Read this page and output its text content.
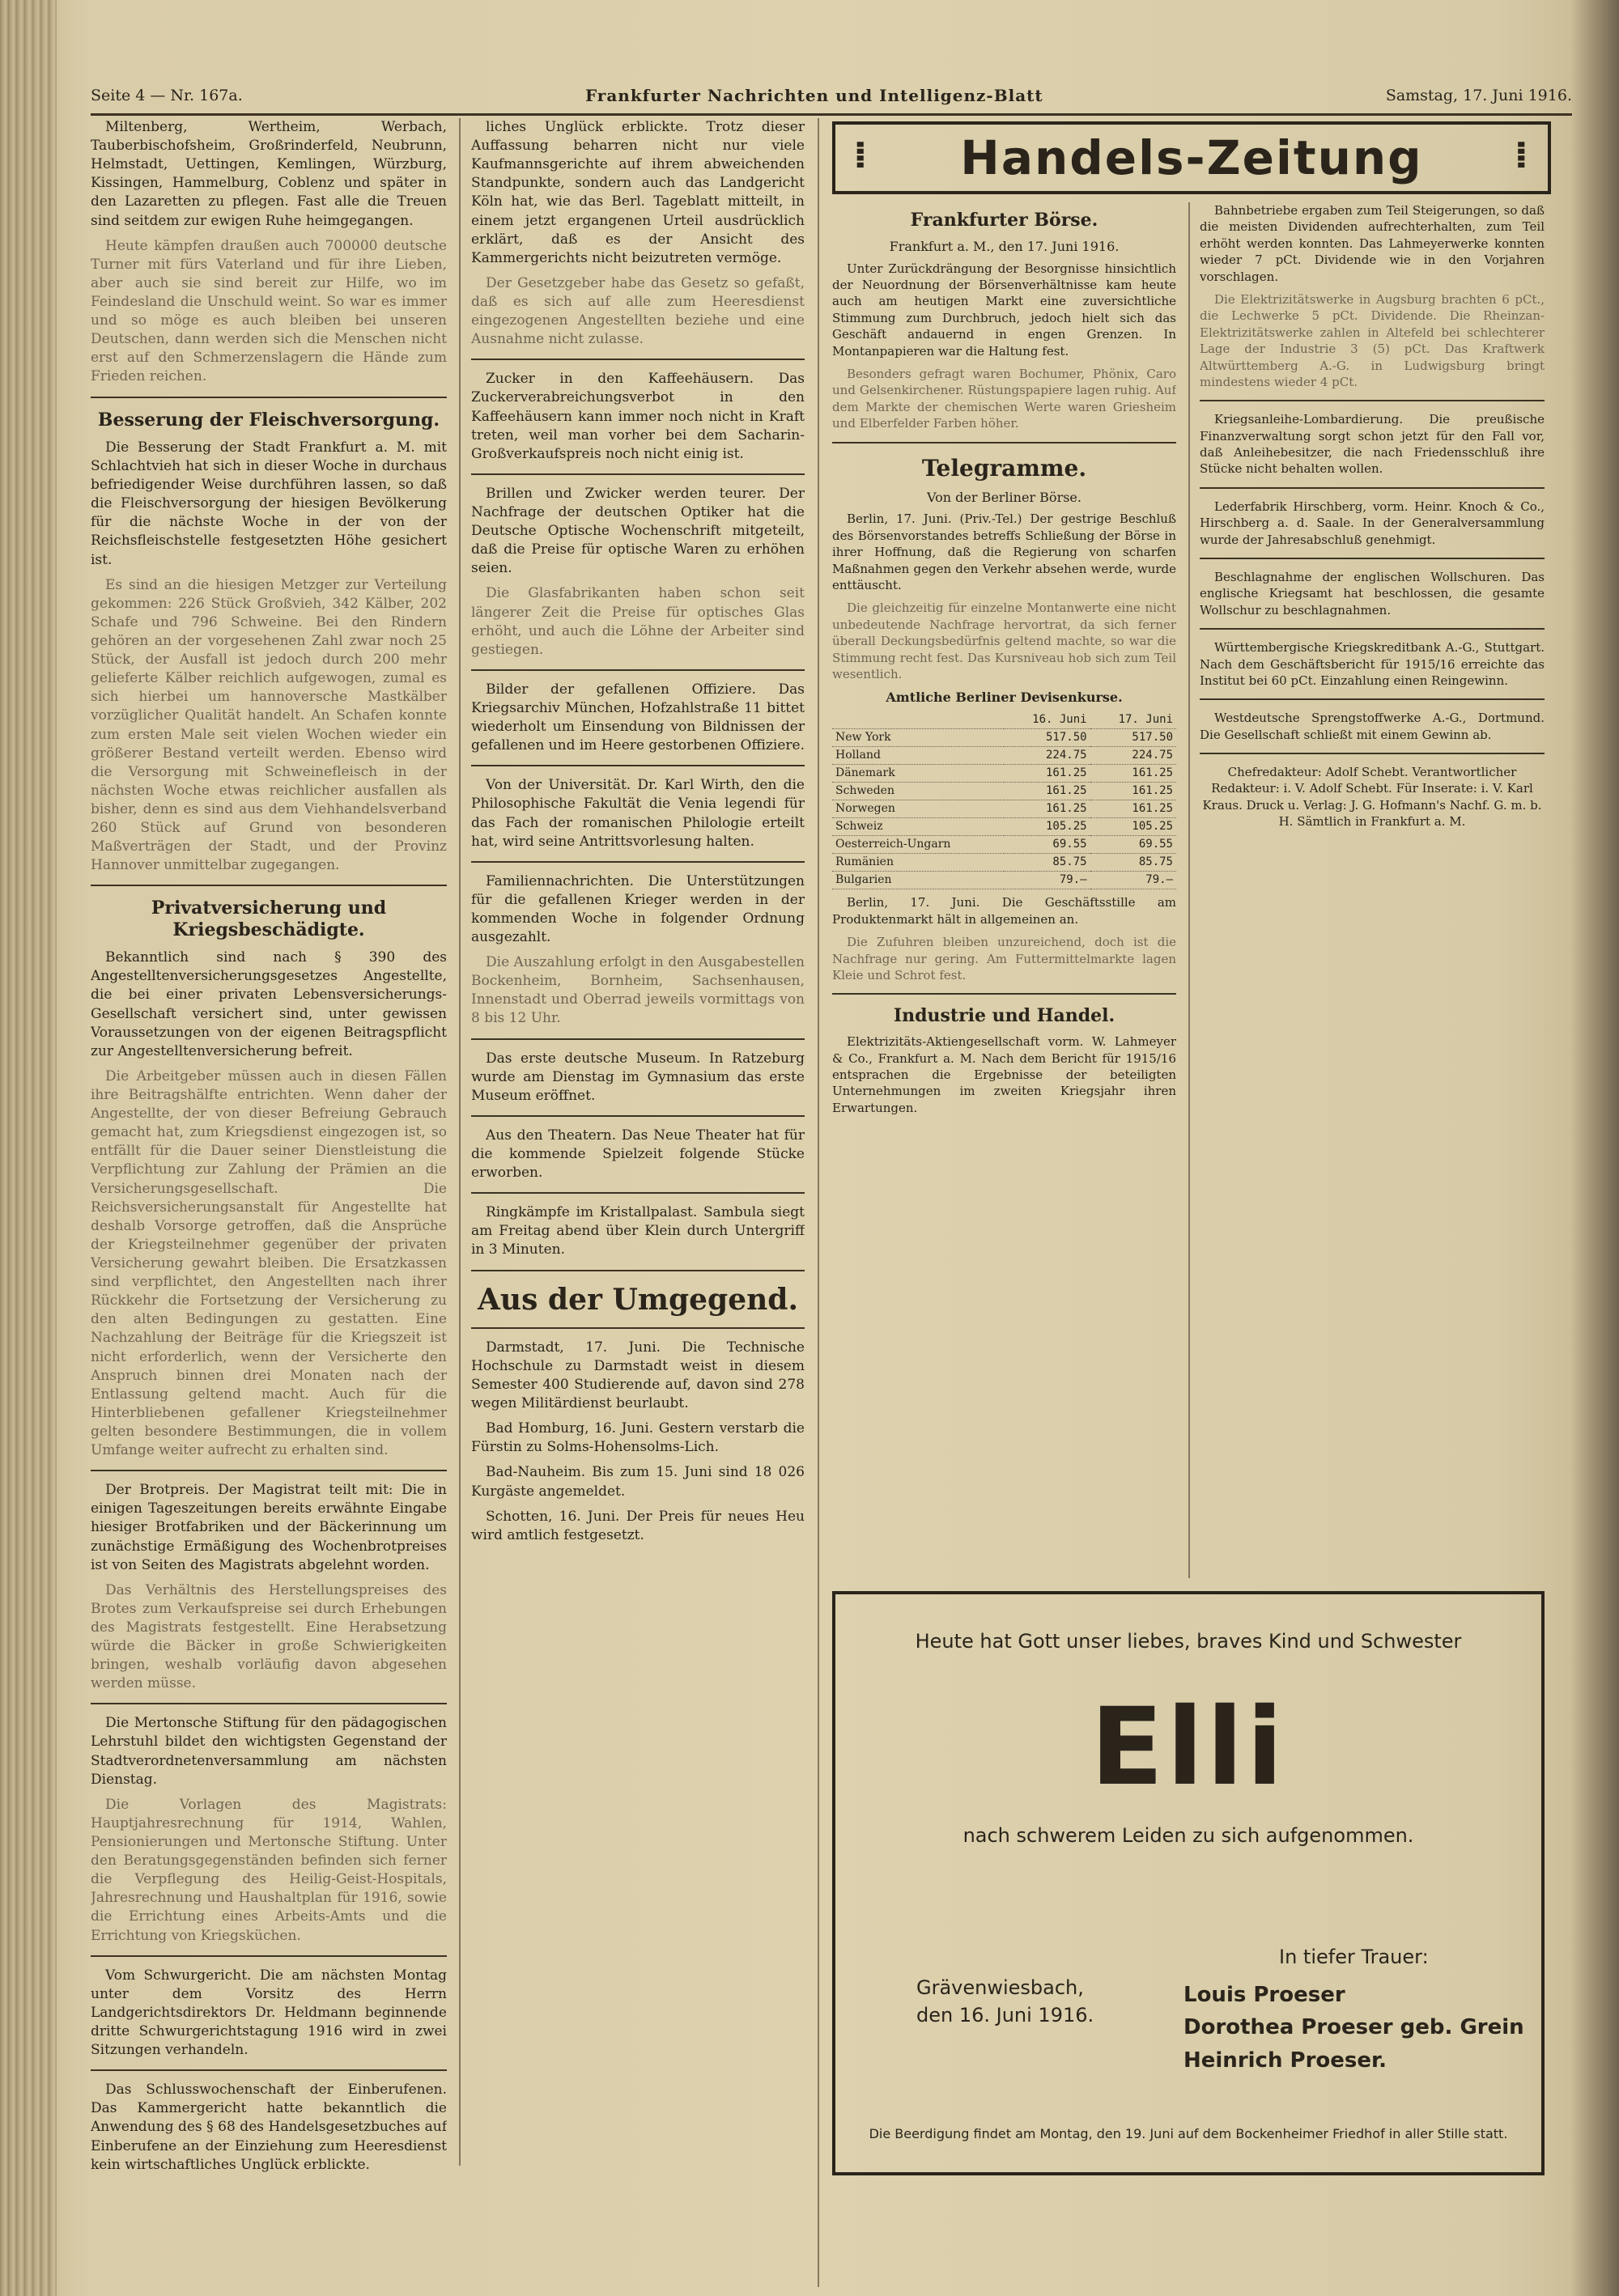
Seite 4 — Nr. 167a.	Frankfurter Nachrichten und Intelligenz-Blatt	Samstag, 17. Juni 1916.

Miltenberg, Wertheim, Werbach, Tauberbischofsheim, Großrinderfeld, Neubrunn, Helmstadt, Uettingen, Kemlingen, Würzburg, Kissingen, Hammelburg, Coblenz und später in den Lazaretten zu pflegen. Fast alle die Treuen sind seitdem zur ewigen Ruhe heimgegangen.

Heute kämpfen draußen auch 700000 deutsche Turner mit fürs Vaterland und für ihre Lieben, aber auch sie sind bereit zur Hilfe, wo im Feindesland die Unschuld weint. So war es immer und so möge es auch bleiben bei unseren Deutschen, dann werden sich die Menschen nicht erst auf den Schmerzenslagern die Hände zum Frieden reichen.

Besserung der Fleischversorgung.

Die Besserung der Stadt Frankfurt a. M. mit Schlachtvieh hat sich in dieser Woche in durchaus befriedigender Weise durchführen lassen, so daß die Fleischversorgung der hiesigen Bevölkerung für die nächste Woche in der von der Reichsfleischstelle festgesetzten Höhe gesichert ist.

Es sind an die hiesigen Metzger zur Verteilung gekommen: 226 Stück Großvieh, 342 Kälber, 202 Schafe und 796 Schweine. Bei den Rindern gehören an der vorgesehenen Zahl zwar noch 25 Stück, der Ausfall ist jedoch durch 200 mehr gelieferte Kälber reichlich aufgewogen, zumal es sich hierbei um hannoversche Mastkälber vorzüglicher Qualität handelt. An Schafen konnte zum ersten Male seit vielen Wochen wieder ein größerer Bestand verteilt werden. Ebenso wird die Versorgung mit Schweinefleisch in der nächsten Woche etwas reichlicher ausfallen als bisher, denn es sind aus dem Viehhandelsverband 260 Stück auf Grund von besonderen Maßverträgen der Stadt, und der Provinz Hannover unmittelbar zugegangen.

Privatversicherung und Kriegsbeschädigte.

Bekanntlich sind nach § 390 des Angestelltenversicherungsgesetzes Angestellte, die bei einer privaten Lebensversicherungs-Gesellschaft versichert sind, unter gewissen Voraussetzungen von der eigenen Beitragspflicht zur Angestelltenversicherung befreit.

Die Arbeitgeber müssen auch in diesen Fällen ihre Beitragshälfte entrichten. Wenn daher der Angestellte, der von dieser Befreiung Gebrauch gemacht hat, zum Kriegsdienst eingezogen ist, so entfällt für die Dauer seiner Dienstleistung die Verpflichtung zur Zahlung der Prämien an die Versicherungsgesellschaft. Die Reichsversicherungsanstalt für Angestellte hat deshalb Vorsorge getroffen, daß die Ansprüche der Kriegsteilnehmer gegenüber der privaten Versicherung gewahrt bleiben. Die Ersatzkassen sind verpflichtet, den Angestellten nach ihrer Rückkehr die Fortsetzung der Versicherung zu den alten Bedingungen zu gestatten. Eine Nachzahlung der Beiträge für die Kriegszeit ist nicht erforderlich, wenn der Versicherte den Anspruch binnen drei Monaten nach der Entlassung geltend macht. Auch für die Hinterbliebenen gefallener Kriegsteilnehmer gelten besondere Bestimmungen, die in vollem Umfange weiter aufrecht zu erhalten sind.

Der Brotpreis. Der Magistrat teilt mit: Die in einigen Tageszeitungen bereits erwähnte Eingabe hiesiger Brotfabriken und der Bäckerinnung um zunächstige Ermäßigung des Wochenbrotpreises ist von Seiten des Magistrats abgelehnt worden.

Das Verhältnis des Herstellungspreises des Brotes zum Verkaufspreise sei durch Erhebungen des Magistrats festgestellt. Eine Herabsetzung würde die Bäcker in große Schwierigkeiten bringen, weshalb vorläufig davon abgesehen werden müsse.

Die Mertonsche Stiftung für den pädagogischen Lehrstuhl bildet den wichtigsten Gegenstand der Stadtverordnetenversammlung am nächsten Dienstag.

Die Vorlagen des Magistrats: Hauptjahresrechnung für 1914, Wahlen, Pensionierungen und Mertonsche Stiftung. Unter den Beratungsgegenständen befinden sich ferner die Verpflegung des Heilig-Geist-Hospitals, Jahresrechnung und Haushaltplan für 1916, sowie die Errichtung eines Arbeits-Amts und die Errichtung von Kriegsküchen.

Vom Schwurgericht. Die am nächsten Montag unter dem Vorsitz des Herrn Landgerichtsdirektors Dr. Heldmann beginnende dritte Schwurgerichtstagung 1916 wird in zwei Sitzungen verhandeln.

Das Schlusswochenschaft der Einberufenen. Das Kammergericht hatte bekanntlich die Anwendung des § 68 des Handelsgesetzbuches auf Einberufene an der Einziehung zum Heeresdienst kein wirtschaftliches Unglück erblickte.

liches Unglück erblickte. Trotz dieser Auffassung beharren nicht nur viele Kaufmannsgerichte auf ihrem abweichenden Standpunkte, sondern auch das Landgericht Köln hat, wie das Berl. Tageblatt mitteilt, in einem jetzt ergangenen Urteil ausdrücklich erklärt, daß es der Ansicht des Kammergerichts nicht beizutreten vermöge.

Der Gesetzgeber habe das Gesetz so gefaßt, daß es sich auf alle zum Heeresdienst eingezogenen Angestellten beziehe und eine Ausnahme nicht zulasse.

Zucker in den Kaffeehäusern. Das Zuckerverabreichungsverbot in den Kaffeehäusern kann immer noch nicht in Kraft treten, weil man vorher bei dem Sacharin-Großverkaufspreis noch nicht einig ist.

Brillen und Zwicker werden teurer. Der Nachfrage der deutschen Optiker hat die Deutsche Optische Wochenschrift mitgeteilt, daß die Preise für optische Waren zu erhöhen seien.

Die Glasfabrikanten haben schon seit längerer Zeit die Preise für optisches Glas erhöht, und auch die Löhne der Arbeiter sind gestiegen.

Bilder der gefallenen Offiziere. Das Kriegsarchiv München, Hofzahlstraße 11 bittet wiederholt um Einsendung von Bildnissen der gefallenen und im Heere gestorbenen Offiziere.

Von der Universität. Dr. Karl Wirth, den die Philosophische Fakultät die Venia legendi für das Fach der romanischen Philologie erteilt hat, wird seine Antrittsvorlesung halten.

Familiennachrichten. Die Unterstützungen für die gefallenen Krieger werden in der kommenden Woche in folgender Ordnung ausgezahlt.

Die Auszahlung erfolgt in den Ausgabestellen Bockenheim, Bornheim, Sachsenhausen, Innenstadt und Oberrad jeweils vormittags von 8 bis 12 Uhr.

Das erste deutsche Museum. In Ratzeburg wurde am Dienstag im Gymnasium das erste Museum eröffnet.

Aus den Theatern. Das Neue Theater hat für die kommende Spielzeit folgende Stücke erworben.

Ringkämpfe im Kristallpalast. Sambula siegt am Freitag abend über Klein durch Untergriff in 3 Minuten.

Aus der Umgegend.

Darmstadt, 17. Juni. Die Technische Hochschule zu Darmstadt weist in diesem Semester 400 Studierende auf, davon sind 278 wegen Militärdienst beurlaubt.

Bad Homburg, 16. Juni. Gestern verstarb die Fürstin zu Solms-Hohensolms-Lich.

Bad-Nauheim. Bis zum 15. Juni sind 18 026 Kurgäste angemeldet.

Schotten, 16. Juni. Der Preis für neues Heu wird amtlich festgesetzt.

⁞ Handels-Zeitung ⁞
Frankfurter Börse.
Frankfurt a. M., den 17. Juni 1916.

Unter Zurückdrängung der Besorgnisse hinsichtlich der Neuordnung der Börsenverhältnisse kam heute auch am heutigen Markt eine zuversichtliche Stimmung zum Durchbruch, jedoch hielt sich das Geschäft andauernd in engen Grenzen. In Montanpapieren war die Haltung fest.

Besonders gefragt waren Bochumer, Phönix, Caro und Gelsenkirchener. Rüstungspapiere lagen ruhig. Auf dem Markte der chemischen Werte waren Griesheim und Elberfelder Farben höher.

Telegramme.
Von der Berliner Börse.

Berlin, 17. Juni. (Priv.-Tel.) Der gestrige Beschluß des Börsenvorstandes betreffs Schließung der Börse in ihrer Hoffnung, daß die Regierung von scharfen Maßnahmen gegen den Verkehr absehen werde, wurde enttäuscht.

Die gleichzeitig für einzelne Montanwerte eine nicht unbedeutende Nachfrage hervortrat, da sich ferner überall Deckungsbedürfnis geltend machte, so war die Stimmung recht fest. Das Kursniveau hob sich zum Teil wesentlich.

Amtliche Berliner Devisenkurse.
	16. Juni	17. Juni
New York	517.50	517.50
Holland	224.75	224.75
Dänemark	161.25	161.25
Schweden	161.25	161.25
Norwegen	161.25	161.25
Schweiz	105.25	105.25
Oesterreich-Ungarn	69.55	69.55
Rumänien	85.75	85.75
Bulgarien	79.—	79.—

Berlin, 17. Juni. Die Geschäftsstille am Produktenmarkt hält in allgemeinen an.

Die Zufuhren bleiben unzureichend, doch ist die Nachfrage nur gering. Am Futtermittelmarkte lagen Kleie und Schrot fest.

Industrie und Handel.

Elektrizitäts-Aktiengesellschaft vorm. W. Lahmeyer & Co., Frankfurt a. M. Nach dem Bericht für 1915/16 entsprachen die Ergebnisse der beteiligten Unternehmungen im zweiten Kriegsjahr ihren Erwartungen.

Bahnbetriebe ergaben zum Teil Steigerungen, so daß die meisten Dividenden aufrechterhalten, zum Teil erhöht werden konnten. Das Lahmeyerwerke konnten wieder 7 pCt. Dividende wie in den Vorjahren vorschlagen.

Die Elektrizitätswerke in Augsburg brachten 6 pCt., die Lechwerke 5 pCt. Dividende. Die Rheinzan-Elektrizitätswerke zahlen in Altefeld bei schlechterer Lage der Industrie 3 (5) pCt. Das Kraftwerk Altwürttemberg A.-G. in Ludwigsburg bringt mindestens wieder 4 pCt.

Kriegsanleihe-Lombardierung. Die preußische Finanzverwaltung sorgt schon jetzt für den Fall vor, daß Anleihebesitzer, die nach Friedensschluß ihre Stücke nicht behalten wollen.

Lederfabrik Hirschberg, vorm. Heinr. Knoch & Co., Hirschberg a. d. Saale. In der Generalversammlung wurde der Jahresabschluß genehmigt.

Beschlagnahme der englischen Wollschuren. Das englische Kriegsamt hat beschlossen, die gesamte Wollschur zu beschlagnahmen.

Württembergische Kriegskreditbank A.-G., Stuttgart. Nach dem Geschäftsbericht für 1915/16 erreichte das Institut bei 60 pCt. Einzahlung einen Reingewinn.

Westdeutsche Sprengstoffwerke A.-G., Dortmund. Die Gesellschaft schließt mit einem Gewinn ab.

Chefredakteur: Adolf Schebt. Verantwortlicher Redakteur: i. V. Adolf Schebt. Für Inserate: i. V. Karl Kraus. Druck u. Verlag: J. G. Hofmann's Nachf. G. m. b. H. Sämtlich in Frankfurt a. M.
Heute hat Gott unser liebes, braves Kind und Schwester
Elli
nach schwerem Leiden zu sich aufgenommen.
Grävenwiesbach,
den 16. Juni 1916.
In tiefer Trauer:
Louis Proeser
Dorothea Proeser geb. Grein
Heinrich Proeser.
Die Beerdigung findet am Montag, den 19. Juni auf dem Bockenheimer Friedhof in aller Stille statt.
